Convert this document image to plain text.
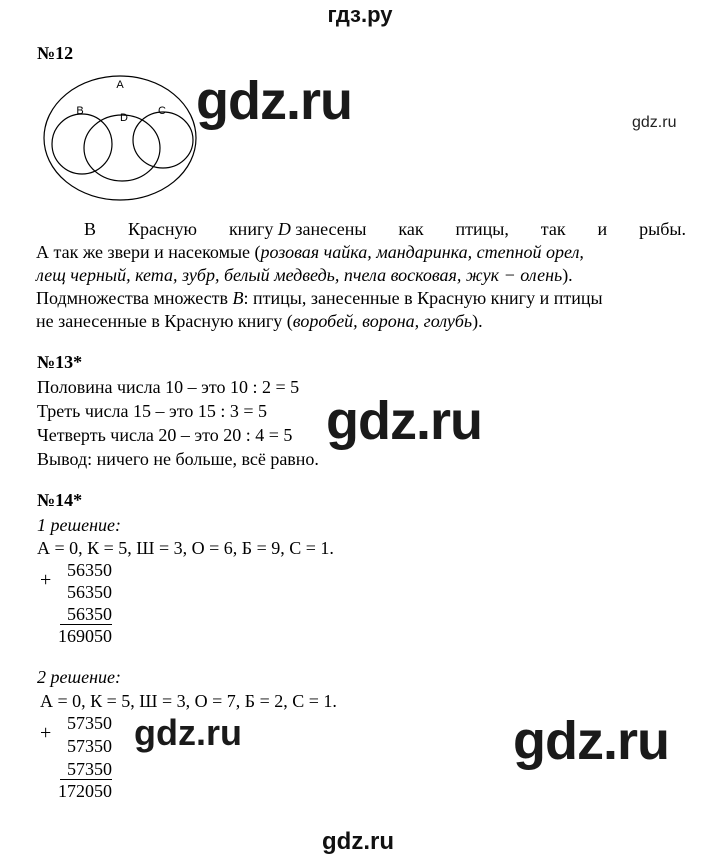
гдз.ру
gdz.ru	gdz.ru
gdz.ru
gdz.ru	gdz.ru
gdz.ru
№12
A
B
D
C

В Красную книгу D занесены как птицы, так и рыбы.

А так же звери и насекомые (розовая чайка, мандаринка, степной орел,

лещ черный, кета, зубр, белый медведь, пчела восковая, жук − олень).

Подмножества множеств B: птицы, занесенные в Красную книгу и птицы

не занесенные в Красную книгу (воробей, ворона, голубь).

№13*
Половина числа 10 – это 10 : 2 = 5
Треть числа 15 – это 15 : 3 = 5
Четверть числа 20 – это 20 : 4 = 5
Вывод: ничего не больше, всё равно.
№14*
1 решение:
А = 0, К = 5, Ш = 3, О = 6, Б = 9, С = 1.
+ 56350
56350
56350
169050
2 решение:
А = 0, К = 5, Ш = 3, О = 7, Б = 2, С = 1.
+ 57350
57350
57350
172050
